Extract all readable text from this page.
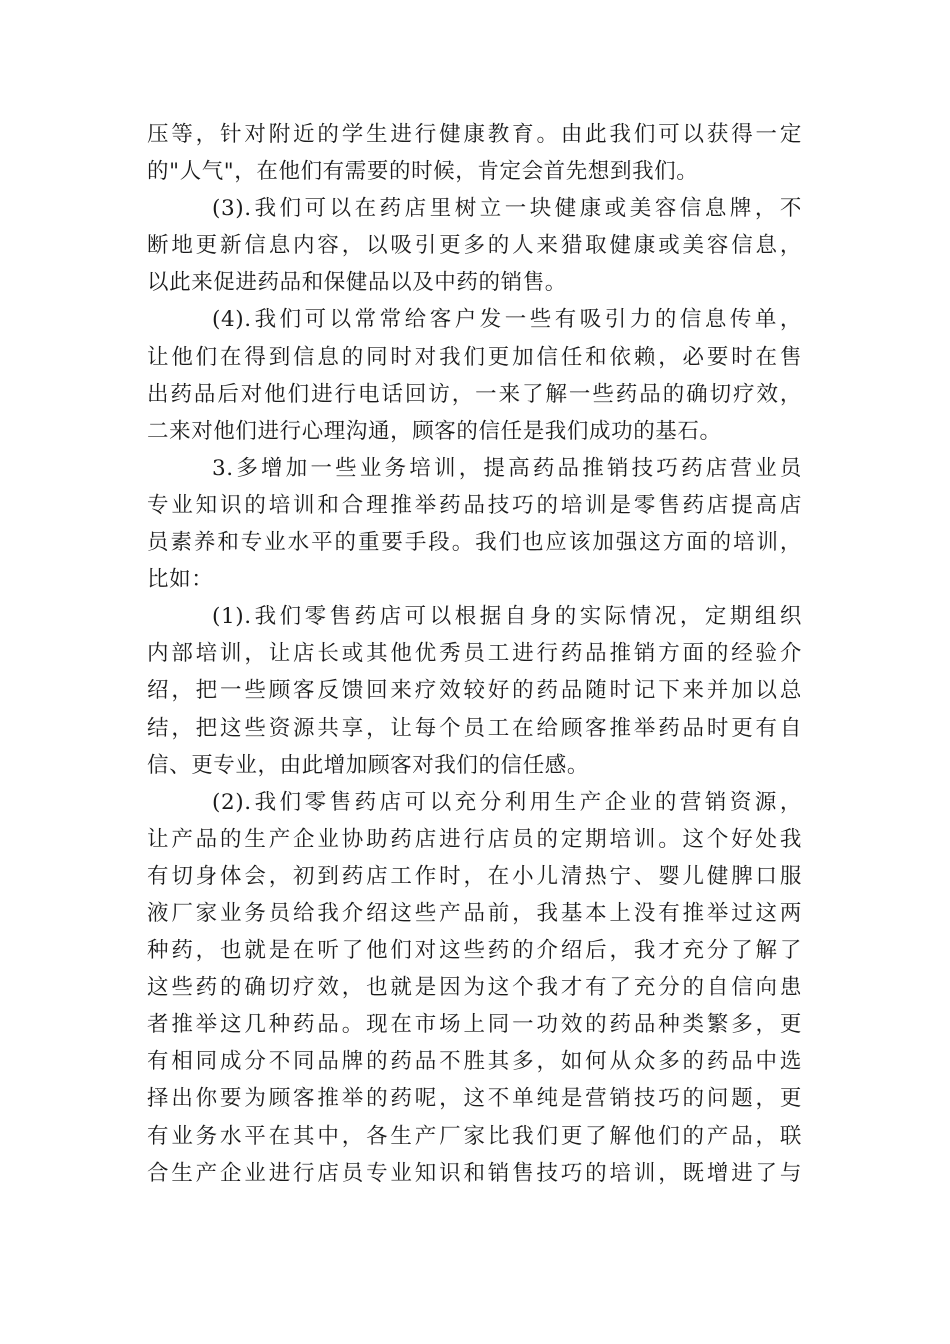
压等，针对附近的学生进行健康教育。由此我们可以获得一定
的"人气"，在他们有需要的时候，肯定会首先想到我们。
(3).我们可以在药店里树立一块健康或美容信息牌，不
断地更新信息内容，以吸引更多的人来猎取健康或美容信息，
以此来促进药品和保健品以及中药的销售。
(4).我们可以常常给客户发一些有吸引力的信息传单，
让他们在得到信息的同时对我们更加信任和依赖，必要时在售
出药品后对他们进行电话回访，一来了解一些药品的确切疗效，
二来对他们进行心理沟通，顾客的信任是我们成功的基石。
3.多增加一些业务培训，提高药品推销技巧药店营业员
专业知识的培训和合理推举药品技巧的培训是零售药店提高店
员素养和专业水平的重要手段。我们也应该加强这方面的培训，
比如：
(1).我们零售药店可以根据自身的实际情况，定期组织
内部培训，让店长或其他优秀员工进行药品推销方面的经验介
绍，把一些顾客反馈回来疗效较好的药品随时记下来并加以总
结，把这些资源共享，让每个员工在给顾客推举药品时更有自
信、更专业，由此增加顾客对我们的信任感。
(2).我们零售药店可以充分利用生产企业的营销资源，
让产品的生产企业协助药店进行店员的定期培训。这个好处我
有切身体会，初到药店工作时，在小儿清热宁、婴儿健脾口服
液厂家业务员给我介绍这些产品前，我基本上没有推举过这两
种药，也就是在听了他们对这些药的介绍后，我才充分了解了
这些药的确切疗效，也就是因为这个我才有了充分的自信向患
者推举这几种药品。现在市场上同一功效的药品种类繁多，更
有相同成分不同品牌的药品不胜其多，如何从众多的药品中选
择出你要为顾客推举的药呢，这不单纯是营销技巧的问题，更
有业务水平在其中，各生产厂家比我们更了解他们的产品，联
合生产企业进行店员专业知识和销售技巧的培训，既增进了与
